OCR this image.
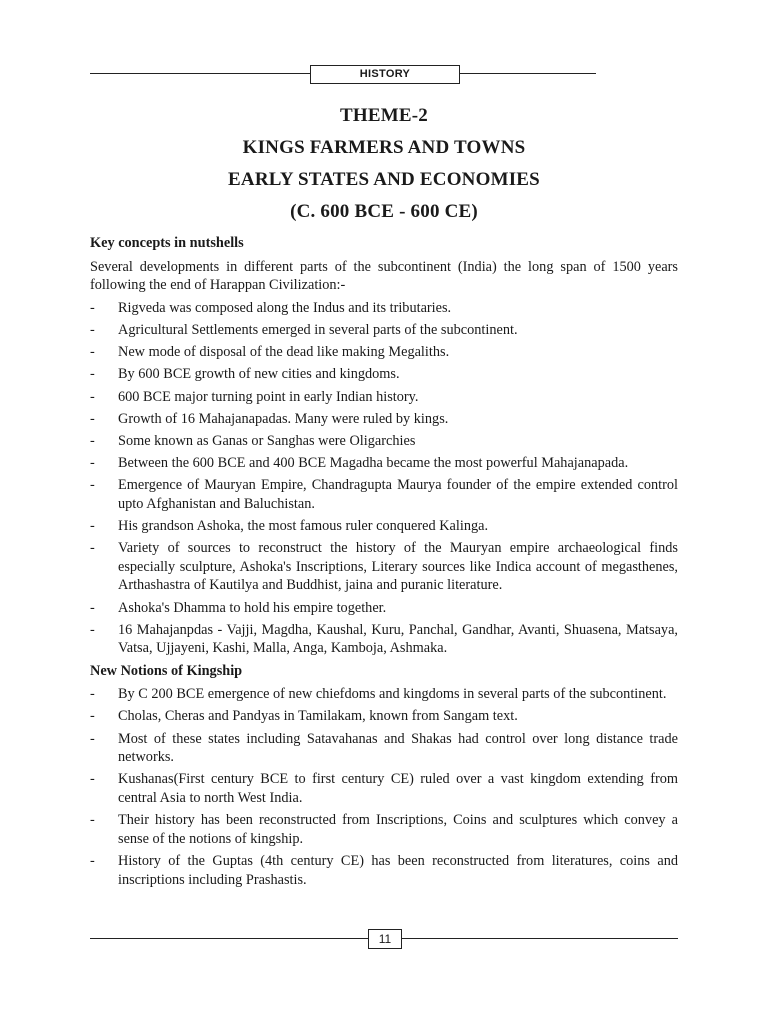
HISTORY
THEME-2
KINGS FARMERS AND TOWNS
EARLY STATES AND ECONOMIES
(C. 600 BCE - 600 CE)
Key concepts in nutshells
Several developments in different parts of the subcontinent (India) the long span of 1500 years following the end of Harappan Civilization:-
- Rigveda was composed along the Indus and its tributaries.
- Agricultural Settlements emerged in several parts of the subcontinent.
- New mode of disposal of the dead like making Megaliths.
- By 600 BCE growth of new cities and kingdoms.
- 600 BCE major turning point in early Indian history.
- Growth of 16 Mahajanapadas. Many were ruled by kings.
- Some known as Ganas or Sanghas were Oligarchies
- Between the 600 BCE and 400 BCE Magadha became the most powerful Mahajanapada.
- Emergence of Mauryan Empire, Chandragupta Maurya founder of the empire extended control upto Afghanistan and Baluchistan.
- His grandson Ashoka, the most famous ruler conquered Kalinga.
- Variety of sources to reconstruct the history of the Mauryan empire archaeological finds especially sculpture, Ashoka's Inscriptions, Literary sources like Indica account of megasthenes, Arthashastra of Kautilya and Buddhist, jaina and puranic literature.
- Ashoka's Dhamma to hold his empire together.
- 16 Mahajanpdas - Vajji, Magdha, Kaushal, Kuru, Panchal, Gandhar, Avanti, Shuasena, Matsaya, Vatsa, Ujjayeni, Kashi, Malla, Anga, Kamboja, Ashmaka.
New Notions of Kingship
- By C 200 BCE emergence of new chiefdoms and kingdoms in several parts of the subcontinent.
- Cholas, Cheras and Pandyas in Tamilakam, known from Sangam text.
- Most of these states including Satavahanas and Shakas had control over long distance trade networks.
- Kushanas(First century BCE to first century CE) ruled over a vast kingdom extending from central Asia to north West India.
- Their history has been reconstructed from Inscriptions, Coins and sculptures which convey a sense of the notions of kingship.
- History of the Guptas (4th century CE) has been reconstructed from literatures, coins and inscriptions including Prashastis.
11
